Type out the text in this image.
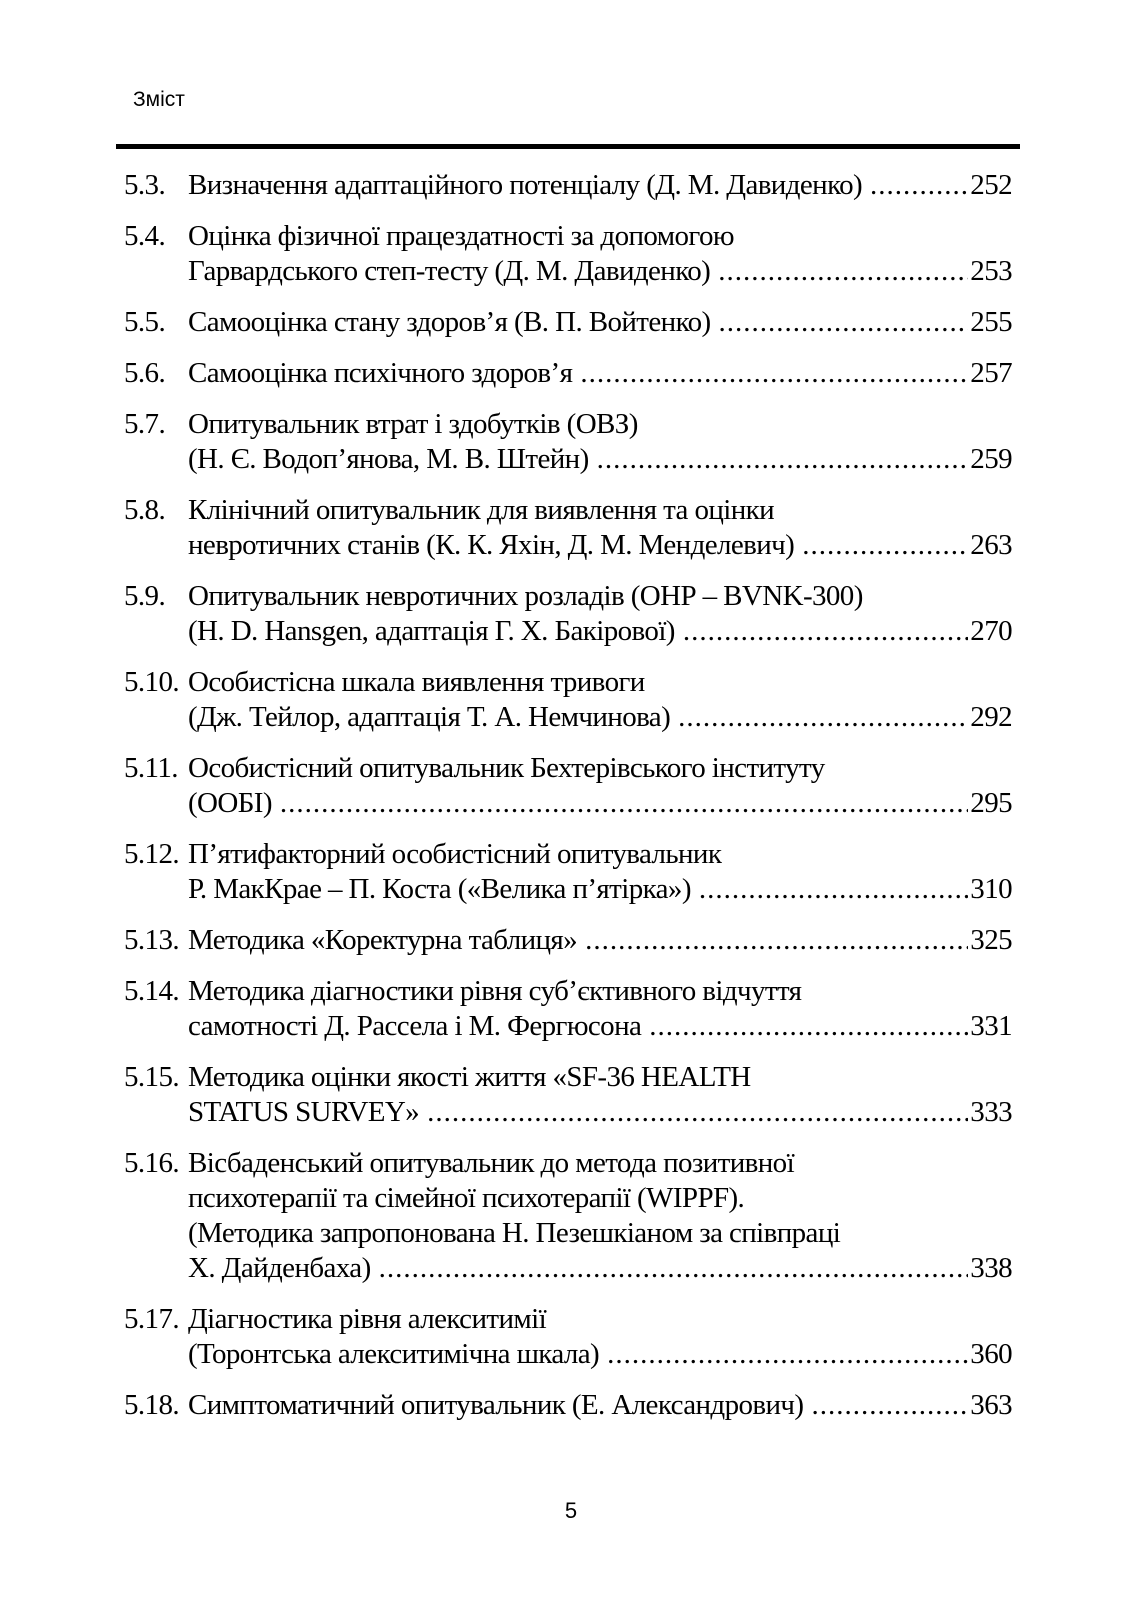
Зміст
5.3. Визначення адаптаційного потенціалу (Д. М. Давиденко) .....	252
5.4. Оцінка фізичної працездатності за допомогою
Гарвардського степ-тесту (Д. М. Давиденко) .....	253
5.5. Самооцінка стану здоров’я (В. П. Войтенко) .....	255
5.6. Самооцінка психічного здоров’я .....	257
5.7. Опитувальник втрат і здобутків (ОВЗ)
(Н. Є. Водоп’янова, М. В. Штейн) .....	259
5.8. Клінічний опитувальник для виявлення та оцінки
невротичних станів (К. К. Яхін, Д. М. Менделевич) .....	263
5.9. Опитувальник невротичних розладів (ОНР – BVNK-300)
(H. D. Hansgen, адаптація Г. Х. Бакірової) .....	270
5.10. Особистісна шкала виявлення тривоги
(Дж. Тейлор, адаптація Т. А. Немчинова) .....	292
5.11. Особистісний опитувальник Бехтерівського інституту
(ООБІ) .....	295
5.12. П’ятифакторний особистісний опитувальник
Р. МакКрае – П. Коста («Велика п’ятірка») .....	310
5.13. Методика «Коректурна таблиця» .....	325
5.14. Методика діагностики рівня суб’єктивного відчуття
самотності Д. Рассела і М. Фергюсона .....	331
5.15. Методика оцінки якості життя «SF-36 HEALTH
STATUS SURVEY» .....	333
5.16. Вісбаденський опитувальник до метода позитивної
психотерапії та сімейної психотерапії (WIPPF).
(Методика запропонована Н. Пезешкіаном за співпраці
Х. Дайденбаха) .....	338
5.17. Діагностика рівня алекситимії
(Торонтська алекситимічна шкала) .....	360
5.18. Симптоматичний опитувальник (Е. Александрович) .....	363
5
